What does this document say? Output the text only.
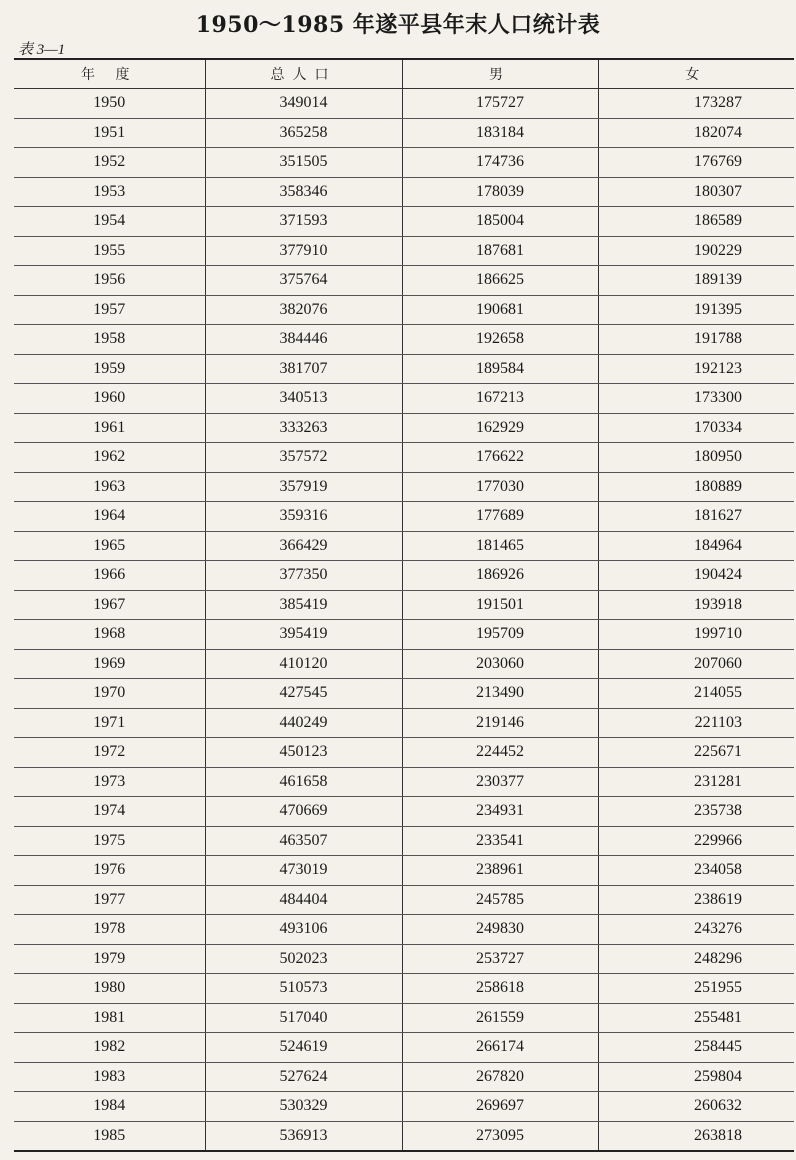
1950～1985 年遂平县年末人口统计表
表 3—1
年 度	总人口	男	女
1950	349014	175727	173287
1951	365258	183184	182074
1952	351505	174736	176769
1953	358346	178039	180307
1954	371593	185004	186589
1955	377910	187681	190229
1956	375764	186625	189139
1957	382076	190681	191395
1958	384446	192658	191788
1959	381707	189584	192123
1960	340513	167213	173300
1961	333263	162929	170334
1962	357572	176622	180950
1963	357919	177030	180889
1964	359316	177689	181627
1965	366429	181465	184964
1966	377350	186926	190424
1967	385419	191501	193918
1968	395419	195709	199710
1969	410120	203060	207060
1970	427545	213490	214055
1971	440249	219146	221103
1972	450123	224452	225671
1973	461658	230377	231281
1974	470669	234931	235738
1975	463507	233541	229966
1976	473019	238961	234058
1977	484404	245785	238619
1978	493106	249830	243276
1979	502023	253727	248296
1980	510573	258618	251955
1981	517040	261559	255481
1982	524619	266174	258445
1983	527624	267820	259804
1984	530329	269697	260632
1985	536913	273095	263818
